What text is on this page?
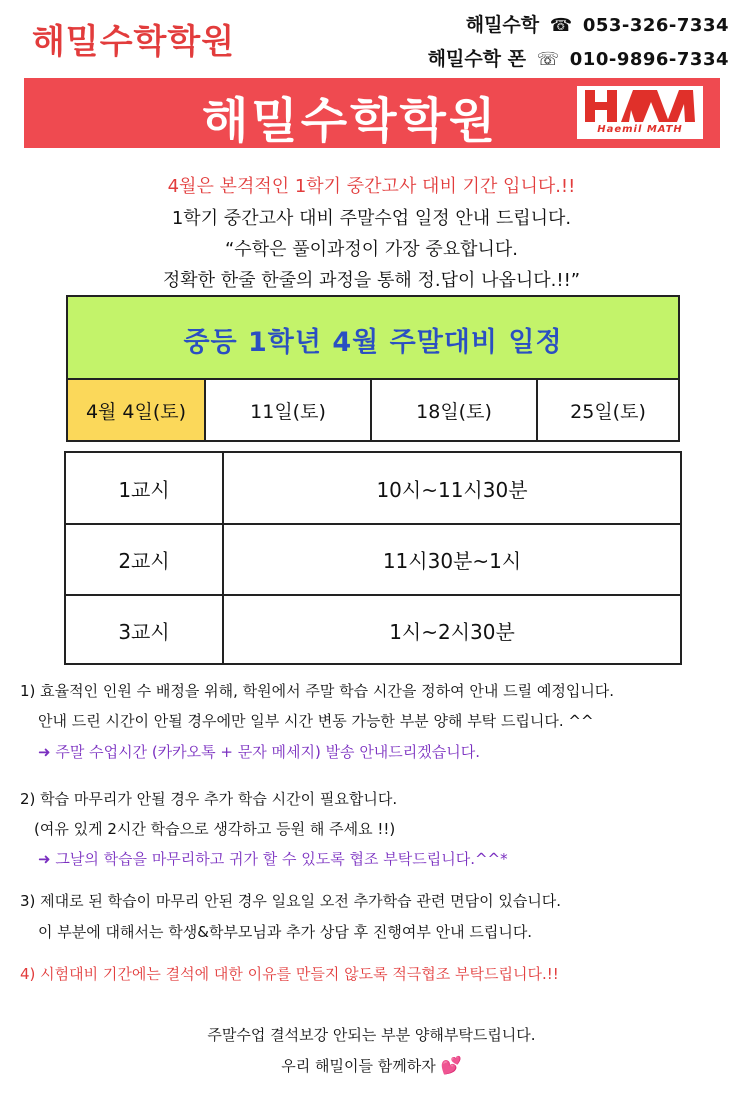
해밀수학학원	해밀수학 ☎ 053-326-7334
해밀수학 폰 ☏ 010-9896-7334
해밀수학학원	Haemil MATH
4월은 본격적인 1학기 중간고사 대비 기간 입니다.!!
1학기 중간고사 대비 주말수업 일정 안내 드립니다.
“수학은 풀이과정이 가장 중요합니다.
정확한 한줄 한줄의 과정을 통해 정.답이 나옵니다.!!”
중등 1학년 4월 주말대비 일정
4월 4일(토)	11일(토)	18일(토)	25일(토)
1교시	10시~11시30분
2교시	11시30분~1시
3교시	1시~2시30분
1) 효율적인 인원 수 배정을 위해, 학원에서 주말 학습 시간을 정하여 안내 드릴 예정입니다.
안내 드린 시간이 안될 경우에만 일부 시간 변동 가능한 부분 양해 부탁 드립니다. ^^
➜ 주말 수업시간 (카카오톡 + 문자 메세지) 발송 안내드리겠습니다.
2) 학습 마무리가 안될 경우 추가 학습 시간이 필요합니다.
(여유 있게 2시간 학습으로 생각하고 등원 해 주세요 !!)
➜ 그날의 학습을 마무리하고 귀가 할 수 있도록 협조 부탁드립니다.^^*
3) 제대로 된 학습이 마무리 안된 경우 일요일 오전 추가학습 관련 면담이 있습니다.
이 부분에 대해서는 학생&학부모님과 추가 상담 후 진행여부 안내 드립니다.
4) 시험대비 기간에는 결석에 대한 이유를 만들지 않도록 적극협조 부탁드립니다.!!
주말수업 결석보강 안되는 부분 양해부탁드립니다.
우리 해밀이들 함께하자 💕
